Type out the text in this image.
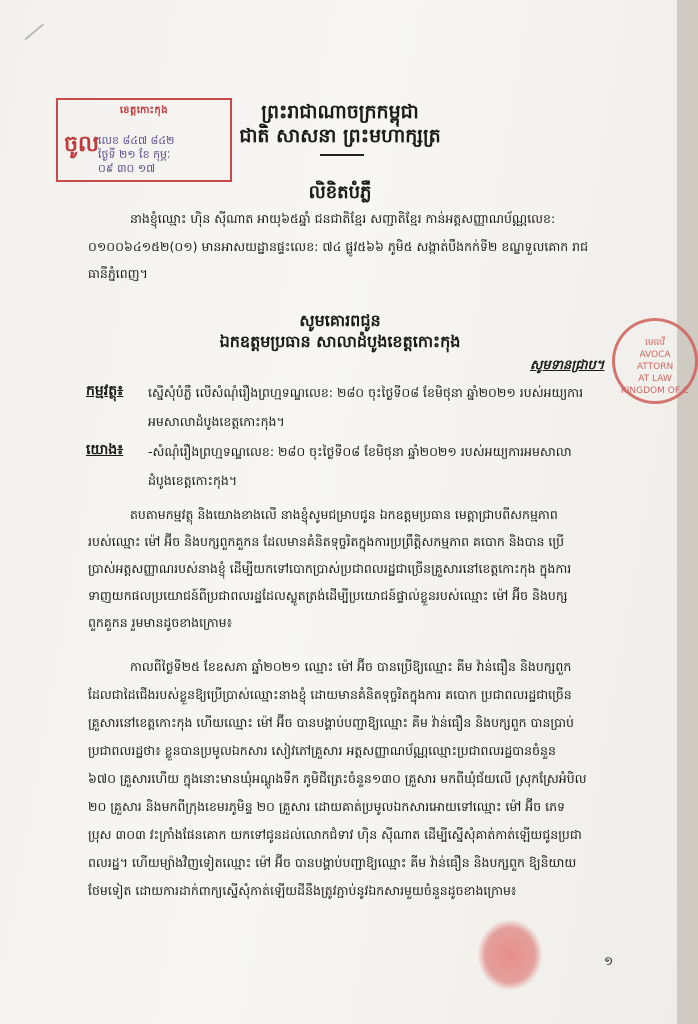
ខេត្តកោះកុង
ចូល លេខ ៨៤៧ ៨៤២
ថ្ងៃទី ២១ ខែ កុម្ភៈ
០៩ ៣០ ១៧
មេធាវី
AVOCA
ATTORN
AT LAW
KINGDOM OF C
ព្រះរាជាណាចក្រកម្ពុជា
ជាតិ សាសនា ព្រះមហាក្សត្រ
លិខិតបំភ្លឺ
នាងខ្ញុំឈ្មោះ ហ៊ិន ស៊ីណាត អាយុ៦៥ឆ្នាំ ជនជាតិខ្មែរ សញ្ជាតិខ្មែរ កាន់អត្តសញ្ញាណប័ណ្ណលេខ:
០១០០៦៤១៥២(០១) មានអាសយដ្ឋានផ្ទះលេខ: ៧៤ ផ្លូវ៥៦៦ ភូមិ៥ សង្កាត់បឹងកក់ទី២ ខណ្ឌទួលគោក រាជ
ធានីភ្នំពេញ។
សូមគោរពជូន
ឯកឧត្តមប្រធាន សាលាដំបូងខេត្តកោះកុង
សូមទានជ្រាប។
កម្មវត្ថុ៖ ស្នើសុំបំភ្លឺ លើសំណុំរឿងព្រហ្មទណ្ឌលេខ: ២៨០ ចុះថ្ងៃទី០៨ ខែមិថុនា ឆ្នាំ២០២១ របស់អយ្យការ
អមសាលាដំបូងខេត្តកោះកុង។
យោង៖ -សំណុំរឿងព្រហ្មទណ្ឌលេខ: ២៨០ ចុះថ្ងៃទី០៨ ខែមិថុនា ឆ្នាំ២០២១ របស់អយ្យការអមសាលា
ដំបូងខេត្តកោះកុង។
តបតាមកម្មវត្ថុ និងយោងខាងលើ នាងខ្ញុំសូមជម្រាបជូន ឯកឧត្តមប្រធាន មេត្តាជ្រាបពីសកម្មភាព
របស់ឈ្មោះ ម៉ៅ អ៊ីច និងបក្សពួកគួកន ដែលមានគំនិតទុច្ចរិតក្នុងការប្រព្រឹត្តិសកម្មភាព គបោក និងបាន ប្រើ
ប្រាស់អត្តសញ្ញាណរបស់នាងខ្ញុំ ដើម្បីយកទៅបោកប្រាស់ប្រជាពលរដ្ឋជាច្រើនគ្រួសារនៅខេត្តកោះកុង ក្នុងការ
ទាញយកផលប្រយោជន៍ពីប្រជាពលរដ្ឋដែលស្លូតត្រង់ដើម្បីប្រយោជន៍ផ្ទាល់ខ្លួនរបស់ឈ្មោះ ម៉ៅ អ៊ីច និងបក្ស
ពួកគួកន រួមមានដូចខាងក្រោម៖
កាលពីថ្ងៃទី២៥ ខែឧសភា ឆ្នាំ២០២១ ឈ្មោះ ម៉ៅ អ៊ីច បានប្រើឱ្យឈ្មោះ គីម វ៉ាន់ធឿន និងបក្សពួក
ដែលជាដៃជើងរបស់ខ្លួនឱ្យប្រើប្រាស់ឈ្មោះនាងខ្ញុំ ដោយមានគំនិតទុច្ចរិតក្នុងការ គបោក ប្រជាពលរដ្ឋជាច្រើន
គ្រួសារនៅខេត្តកោះកុង ហើយឈ្មោះ ម៉ៅ អ៊ីច បានបង្គាប់បញ្ជាឱ្យឈ្មោះ គីម វ៉ាន់ធឿន និងបក្សពួក បានប្រាប់
ប្រជាពលរដ្ឋថា៖ ខ្លួនបានប្រមូលឯកសារ សៀវភៅគ្រួសារ អត្តសញ្ញាណប័ណ្ណឈ្មោះប្រជាពលរដ្ឋបានចំនួន
៦៧០ គ្រួសារហើយ ក្នុងនោះមានឃុំអណ្ដូងទឹក ភូមិជីត្រេះចំនួន១៣០ គ្រួសារ មកពីឃុំជ័យលើ ស្រុកស្រែអំបិល
២០ គ្រួសារ និងមកពីក្រុងខេមរភូមិន្ទ ២០ គ្រួសារ ដោយគាត់ប្រមូលឯកសារអោយទៅឈ្មោះ ម៉ៅ អ៊ីច ភេទ
ប្រុស ៣០៣ វះក្រាំងផែនគោក យកទៅជូនដល់លោកជំទាវ ហ៊ិន ស៊ីណាត ដើម្បីស្នើសុំគាត់កាត់ឡើយជូនប្រជា
ពលរដ្ឋ។ ហើយម្យ៉ាងវិញទៀតឈ្មោះ ម៉ៅ អ៊ីច បានបង្គាប់បញ្ជាឱ្យឈ្មោះ គីម វ៉ាន់ធឿន និងបក្សពួក ឱ្យនិយាយ
ថែមទៀត ដោយការដាក់ពាក្យស្នើសុំកាត់ឡើយដីនឹងត្រូវភ្ជាប់នូវឯកសារមួយចំនួនដូចខាងក្រោម៖
១
